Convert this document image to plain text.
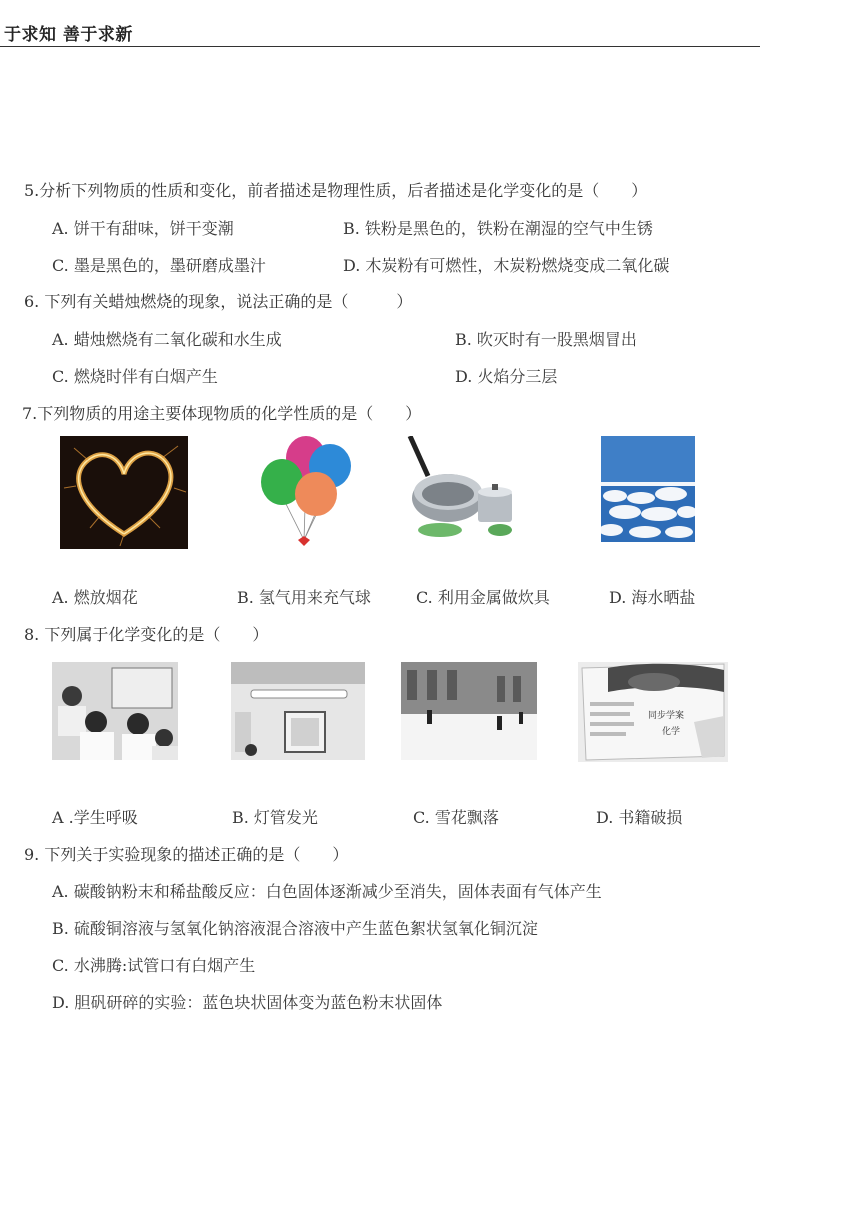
于求知 善于求新
5.分析下列物质的性质和变化，前者描述是物理性质，后者描述是化学变化的是（　　）
A. 饼干有甜味，饼干变潮	B. 铁粉是黑色的，铁粉在潮湿的空气中生锈
C. 墨是黑色的，墨研磨成墨汁	D. 木炭粉有可燃性，木炭粉燃烧变成二氧化碳
6. 下列有关蜡烛燃烧的现象，说法正确的是（　　　）
A. 蜡烛燃烧有二氧化碳和水生成	B. 吹灭时有一股黑烟冒出
C. 燃烧时伴有白烟产生	D. 火焰分三层
7.下列物质的用途主要体现物质的化学性质的是（　　）
A. 燃放烟花	B. 氢气用来充气球	C. 利用金属做炊具	D. 海水晒盐
8. 下列属于化学变化的是（　　）
同步学案
化学
A .学生呼吸	B. 灯管发光	C. 雪花飘落	D. 书籍破损
9. 下列关于实验现象的描述正确的是（　　）
A. 碳酸钠粉末和稀盐酸反应：白色固体逐渐减少至消失，固体表面有气体产生
B. 硫酸铜溶液与氢氧化钠溶液混合溶液中产生蓝色絮状氢氧化铜沉淀
C. 水沸腾:试管口有白烟产生
D. 胆矾研碎的实验：蓝色块状固体变为蓝色粉末状固体
